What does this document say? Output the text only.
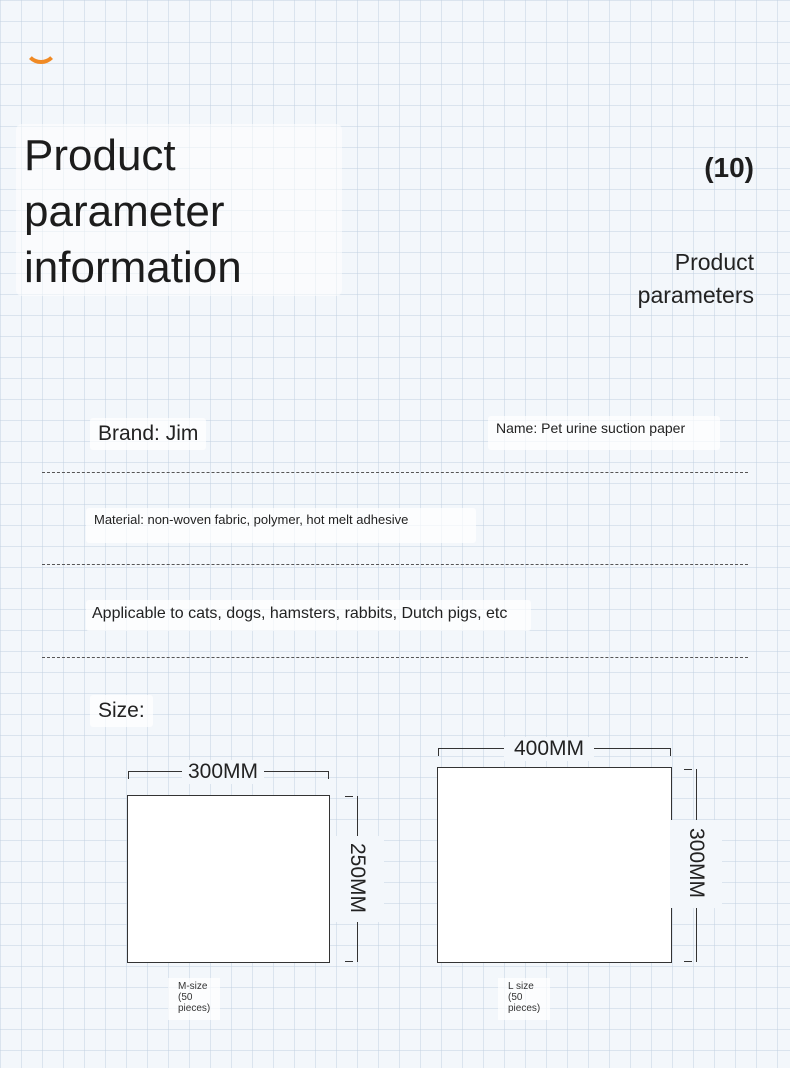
Product
parameter
information
(10)
Product
parameters
Brand: Jim	Name: Pet urine suction paper
Material: non-woven fabric, polymer, hot melt adhesive
Applicable to cats, dogs, hamsters, rabbits, Dutch pigs, etc
Size:
300MM
250MM
M-size (50 pieces)
400MM
300MM
L size (50 pieces)
